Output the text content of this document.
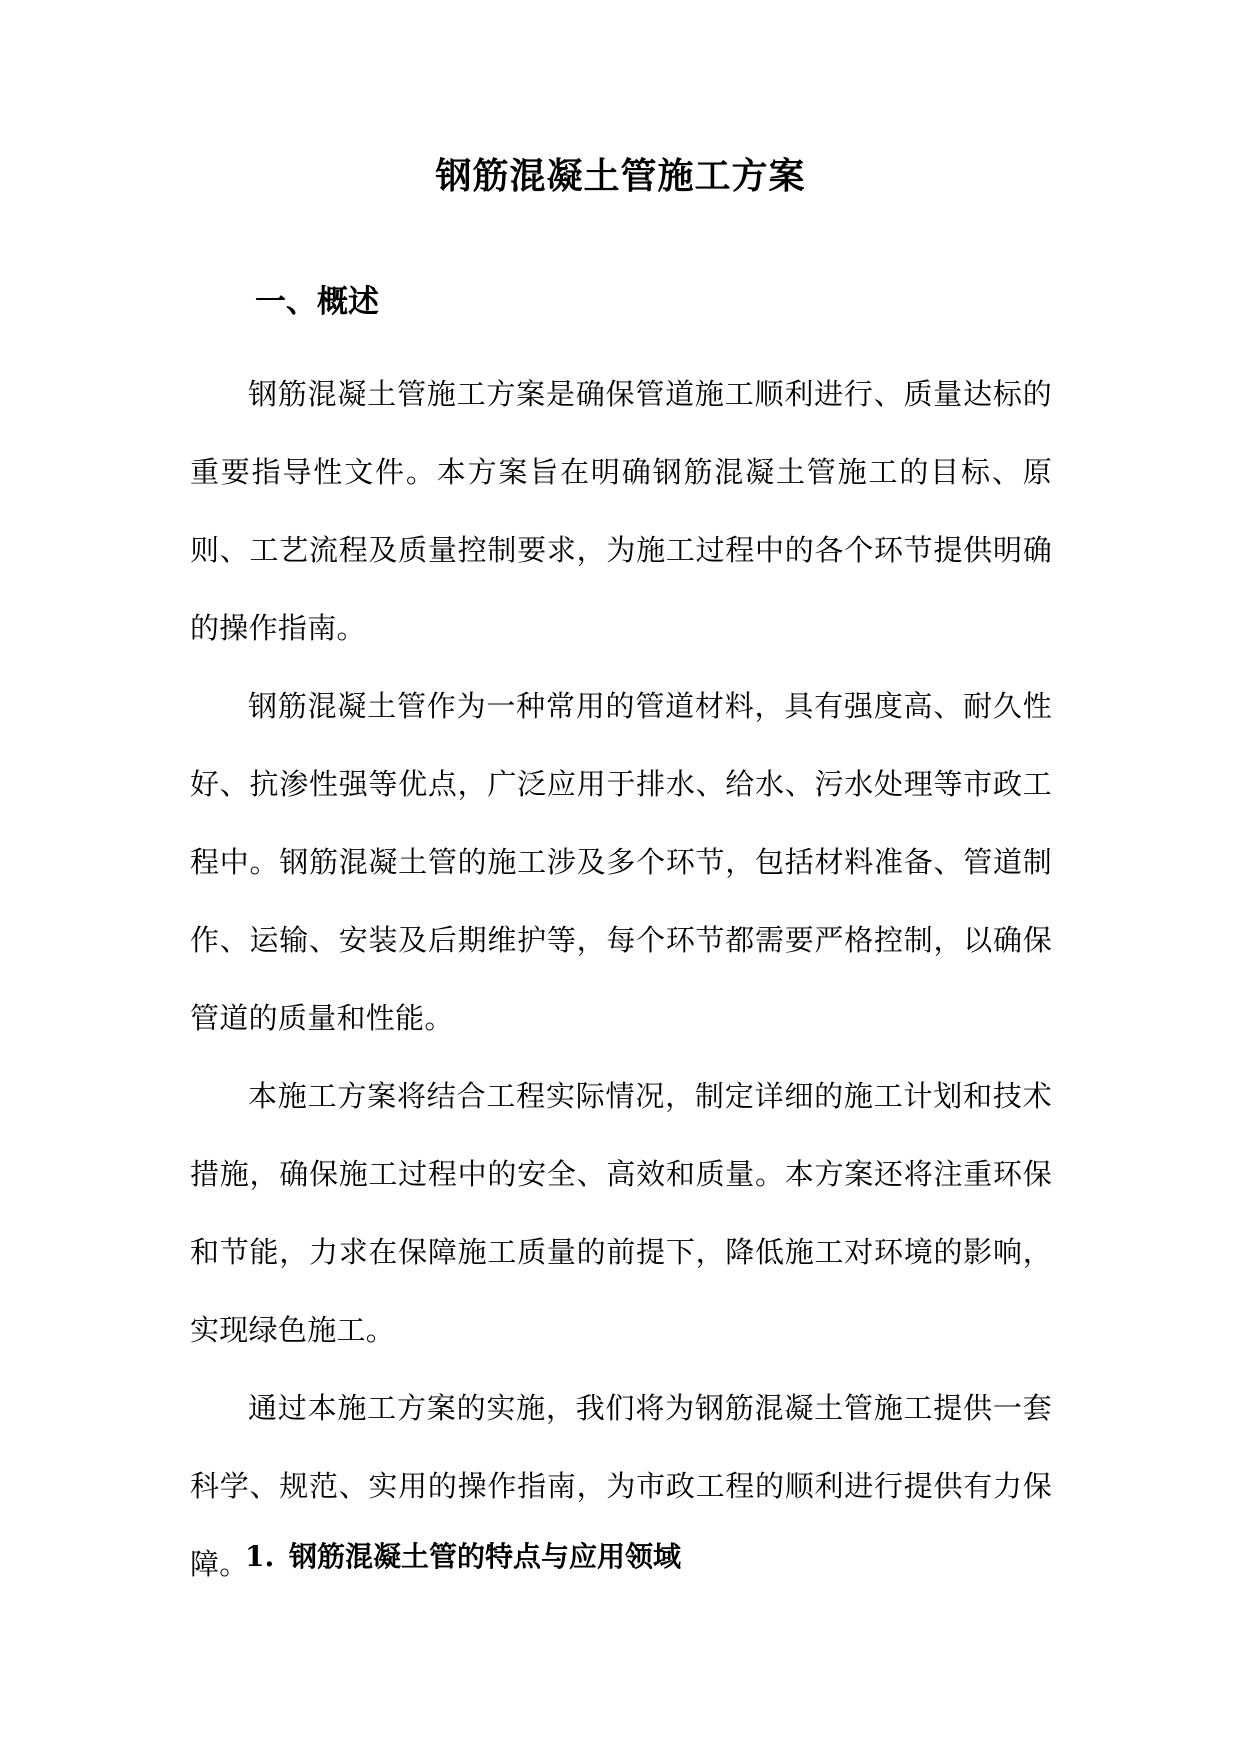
钢筋混凝土管施工方案
一、概述

钢筋混凝土管施工方案是确保管道施工顺利进行、质量达标的重要指导性文件。本方案旨在明确钢筋混凝土管施工的目标、原则、工艺流程及质量控制要求，为施工过程中的各个环节提供明确的操作指南。

钢筋混凝土管作为一种常用的管道材料，具有强度高、耐久性好、抗渗性强等优点，广泛应用于排水、给水、污水处理等市政工程中。钢筋混凝土管的施工涉及多个环节，包括材料准备、管道制作、运输、安装及后期维护等，每个环节都需要严格控制，以确保管道的质量和性能。

本施工方案将结合工程实际情况，制定详细的施工计划和技术措施，确保施工过程中的安全、高效和质量。本方案还将注重环保和节能，力求在保障施工质量的前提下，降低施工对环境的影响，实现绿色施工。

通过本施工方案的实施，我们将为钢筋混凝土管施工提供一套科学、规范、实用的操作指南，为市政工程的顺利进行提供有力保障。

1. 钢筋混凝土管的特点与应用领域
